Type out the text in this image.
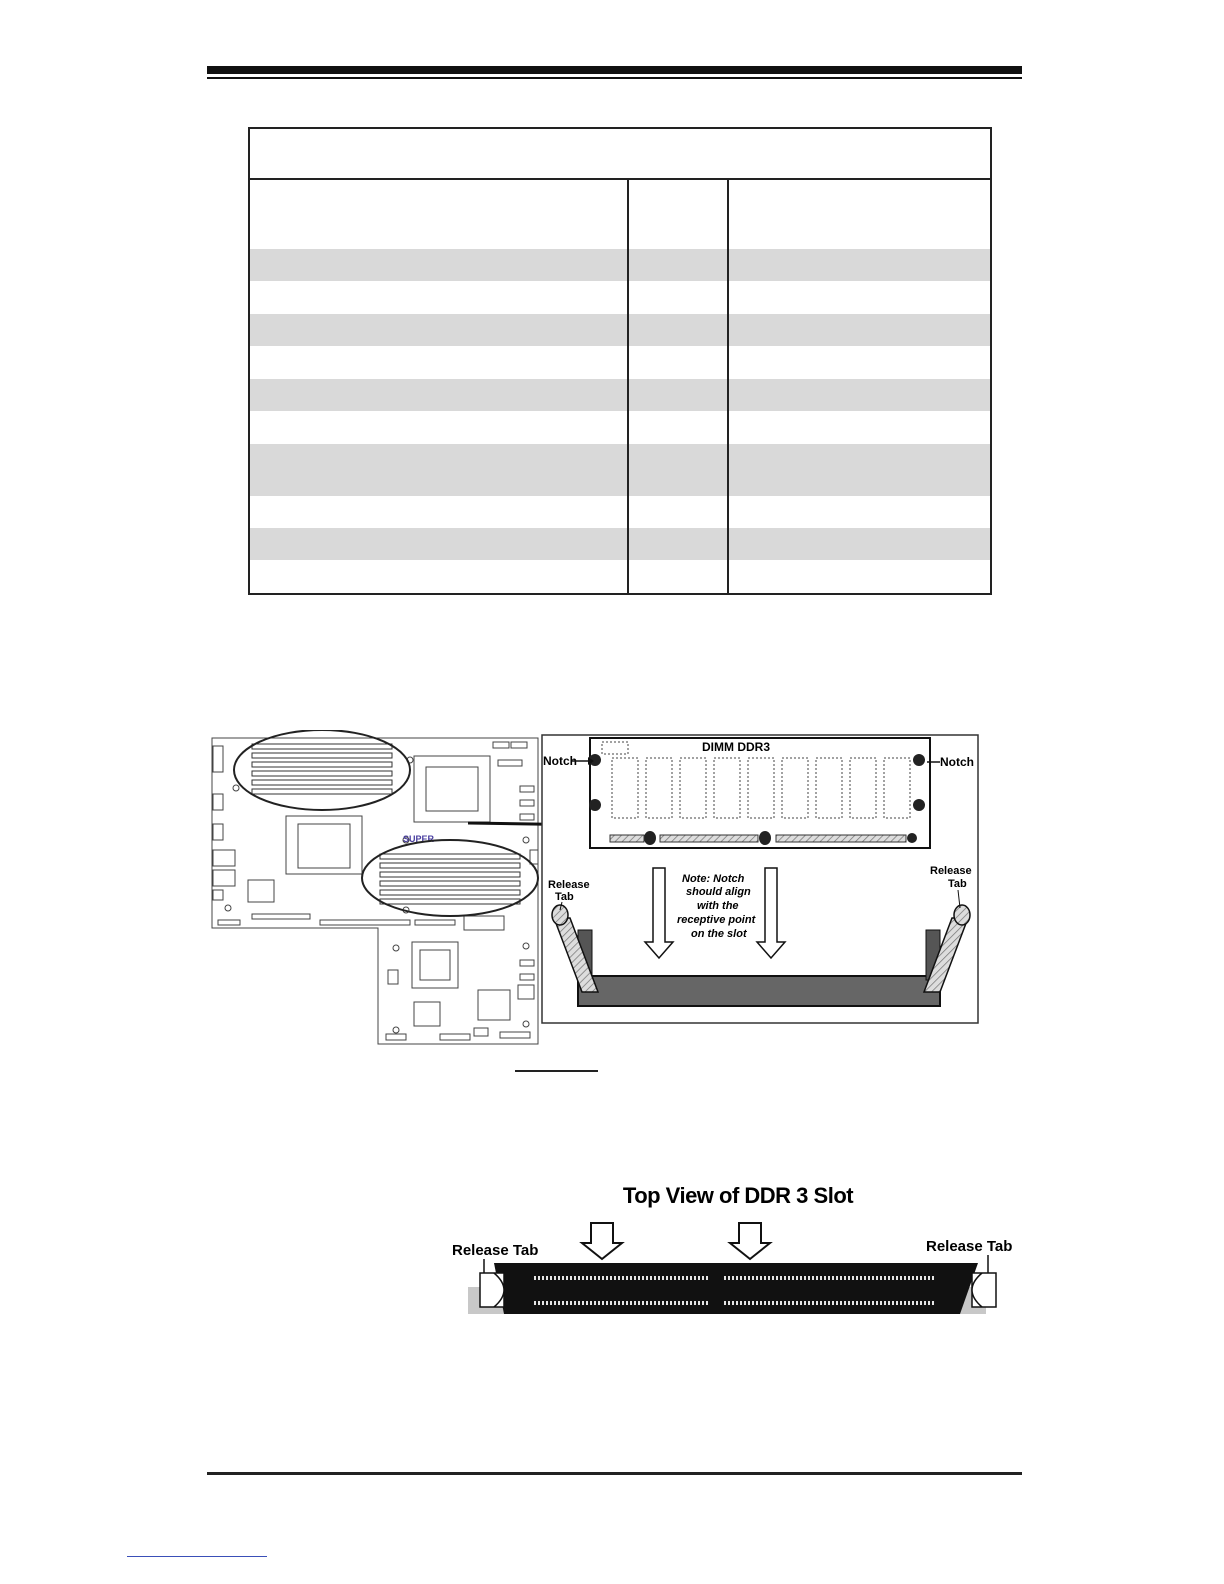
SUPER
DIMM DDR3
Notch	Notch
Note: Notch
should align
with the
receptive point
on the slot
Release
Tab
Release
Tab
Top View of DDR 3 Slot
Release Tab	Release Tab
